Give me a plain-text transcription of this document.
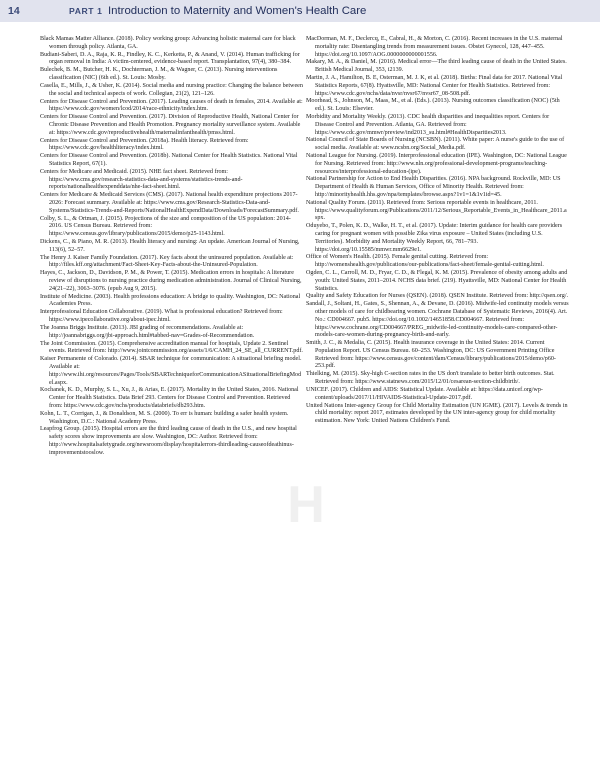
14	PART 1 Introduction to Maternity and Women's Health Care
H

Black Mamas Matter Alliance. (2018). Policy working group: Advancing holistic maternal care for black women through policy. Atlanta, GA.

Budiani-Saberi, D. A., Raja, K. R., Findley, K. C., Kerketta, P., & Anand, V. (2014). Human trafficking for organ removal in India: A victim-centered, evidence-based report. Transplantation, 97(4), 380–384.

Bulechek, B. M., Butcher, H. K., Dochterman, J. M., & Wagner, C. (2013). Nursing interventions classification (NIC) (6th ed.). St. Louis: Mosby.

Casella, E., Mills, J., & Usher, K. (2014). Social media and nursing practice: Changing the balance between the social and technical aspects of work. Collegian, 21(2), 121–126.

Centers for Disease Control and Prevention. (2017). Leading causes of death in females, 2014. Available at: https://www.cdc.gov/women/lcod/2014/race-ethnicity/index.htm.

Centers for Disease Control and Prevention. (2017). Division of Reproductive Health, National Center for Chronic Disease Prevention and Health Promotion. Pregnancy mortality surveillance system. Available at: https://www.cdc.gov/reproductivehealth/maternalinfanthealth/pmss.html.

Centers for Disease Control and Prevention. (2018a). Health literacy. Retrieved from: https://www.cdc.gov/healthliteracy/index.html.

Centers for Disease Control and Prevention. (2018b). National Center for Health Statistics. National Vital Statistics Report, 67(1).

Centers for Medicare and Medicaid. (2015). NHE fact sheet. Retrieved from: https://www.cms.gov/research-statistics-data-and-systems/statistics-trends-and-reports/nationalhealthexpenddata/nhe-fact-sheet.html.

Centers for Medicare & Medicaid Services (CMS). (2017). National health expenditure projections 2017-2026: Forecast summary. Available at: https://www.cms.gov/Research-Statistics-Data-and-Systems/Statistics-Trends-and-Reports/NationalHealthExpendData/Downloads/ForecastSummary.pdf.

Colby, S. L., & Ortman, J. (2015). Projections of the size and composition of the US population: 2014-2016. US Census Bureau. Retrieved from: https://www.census.gov/library/publications/2015/demo/p25-1143.html.

Dickens, C., & Piano, M. R. (2013). Health literacy and nursing: An update. American Journal of Nursing, 113(6), 52–57.

The Henry J. Kaiser Family Foundation. (2017). Key facts about the uninsured population. Available at: http://files.kff.org/attachment/Fact-Sheet-Key-Facts-about-the-Uninsured-Population.

Hayes, C., Jackson, D., Davidson, P. M., & Power, T. (2015). Medication errors in hospitals: A literature review of disruptions to nursing practice during medication administration. Journal of Clinical Nursing, 24(21–22), 3063–3076. (epub Aug 9, 2015).

Institute of Medicine. (2003). Health professions education: A bridge to quality. Washington, DC: National Academies Press.

Interprofessional Education Collaborative. (2019). What is professional education? Retrieved from: https://www.ipecollaborative.org/about-ipec.html.

The Joanna Briggs Institute. (2013). JBI grading of recommendations. Available at: http://joannabriggs.org/jbi-approach.html#tabbed-nav=Grades-of-Recommendation.

The Joint Commission. (2015). Comprehensive accreditation manual for hospitals, Update 2. Sentinel events. Retrieved from: http://www.jointcommission.org/assets/1/6/CAMH_24_SE_all_CURRENT.pdf.

Kaiser Permanente of Colorado. (2014). SBAR technique for communication: A situational briefing model. Available at: http://www.ihi.org/resources/Pages/Tools/SBARTechniqueforCommunicationASituationalBriefingModel.aspx.

Kochanek, K. D., Murphy, S. L., Xu, J., & Arias, E. (2017). Mortality in the United States, 2016. National Center for Health Statistics. Data Brief 293. Centers for Disease Control and Prevention. Retrieved from: https://www.cdc.gov/nchs/products/databriefs/db293.htm.

Kohn, L. T., Corrigan, J., & Donaldson, M. S. (2000). To err is human: building a safer health system. Washington, D.C.: National Academy Press.

Leapfrog Group. (2015). Hospital errors are the third leading cause of death in the U.S., and new hospital safety scores show improvements are slow. Washington, DC: Author. Retrieved from: http://www.hospitalsafetygrade.org/newsroom/display/hospitalerrors-thirdleading-causeofdeathinus-improvementstooslow.

MacDorman, M. F., Declercq, E., Cabral, H., & Morton, C. (2016). Recent increases in the U.S. maternal mortality rate: Disentangling trends from measurement issues. Obstet Gynecol, 128, 447–455. https://doi.org/10.1097/AOG.0000000000001556.

Makary, M. A., & Daniel, M. (2016). Medical error—The third leading cause of death in the United States. British Medical Journal, 353, i2139.

Martin, J. A., Hamilton, B. E, Osterman, M. J. K, et al. (2018). Births: Final data for 2017. National Vital Statistics Reports, 67(8). Hyattsville, MD: National Center for Health Statistics. Retrieved from: https://www.cdc.gov/nchs/data/nvsr/nvsr67/nvsr67_08-508.pdf.

Moorhead, S., Johnson, M., Maas, M., et al. (Eds.). (2013). Nursing outcomes classification (NOC) (5th ed.). St. Louis: Elsevier.

Morbidity and Mortality Weekly. (2013). CDC health disparities and inequalities report. Centers for Disease Control and Prevention. Atlanta, GA. Retrieved from: https://www.cdc.gov/mmwr/preview/ind2013_su.html#HealthDisparities2013.

National Council of State Boards of Nursing (NCSBN). (2011). White paper: A nurse's guide to the use of social media. Available at: www.ncsbn.org/Social_Media.pdf.

National League for Nursing. (2019). Interprofessional education (IPE). Washington, DC: National League for Nursing. Retrieved from: http://www.nln.org/professional-development-programs/teaching-resources/interprofessional-education-(ipe).

National Partnership for Action to End Health Disparities. (2016). NPA background. Rockville, MD: US Department of Health & Human Services, Office of Minority Health. Retrieved from: http://minorityhealth.hhs.gov/npa/templates/browse.aspx?1v1=1&1v1id=45.

National Quality Forum. (2011). Retrieved from: Serious reportable events in healthcare, 2011. https://www.qualityforum.org/Publications/2011/12/Serious_Reportable_Events_in_Healthcare_2011.aspx.

Oduyebo, T., Polen, K. D., Walke, H. T., et al. (2017). Update: Interim guidance for health care providers caring for pregnant women with possible Zika virus exposure – United States (including U.S. Territories). Morbidity and Mortality Weekly Report, 66, 781–793. https://doi.org/10.15585/mmwr.mm6629e1.

Office of Women's Health. (2015). Female genital cutting. Retrieved from: http://womenshealth.gov/publications/our-publications/fact-sheet/female-genital-cutting.html.

Ogden, C. L., Carroll, M. D., Fryar, C. D., & Flegal, K. M. (2015). Prevalence of obesity among adults and youth: United States, 2011–2014. NCHS data brief. (219). Hyattsville, MD: National Center for Health Statistics.

Quality and Safety Education for Nurses (QSEN). (2018). QSEN Institute. Retrieved from: http://qsen.org/.

Sandall, J., Soltani, H., Gates, S., Shennan, A., & Devane, D. (2016). Midwife-led continuity models versus other models of care for childbearing women. Cochrane Database of Systematic Reviews, 2016(4). Art. No.: CD004667. pub5. https://doi.org/10.1002/14651858.CD004667. Retrieved from: https://www.cochrane.org/CD004667/PREG_midwife-led-continuity-models-care-compared-other-models-care-women-during-pregnancy-birth-and-early.

Smith, J. C., & Medalia, C. (2015). Health insurance coverage in the United States: 2014. Current Population Report. US Census Bureau. 60–253. Washington, DC: US Government Printing Office Retrieved from: https://www.census.gov/content/dam/Census/library/publications/2015/demo/p60-253.pdf.

Thielking, M. (2015). Sky-high C-section rates in the US don't translate to better birth outcomes. Stat. Retrieved from: https://www.statnews.com/2015/12/01/cesarean-section-childbirth/.

UNICEF. (2017). Children and AIDS: Statistical Update. Available at: https://data.unicef.org/wp-content/uploads/2017/11/HIVAIDS-Statistical-Update-2017.pdf.

United Nations Inter-agency Group for Child Mortality Estimation (UN IGME). (2017). Levels & trends in child mortality: report 2017, estimates developed by the UN inter-agency group for child mortality estimation. New York: United Nations Children's Fund.
